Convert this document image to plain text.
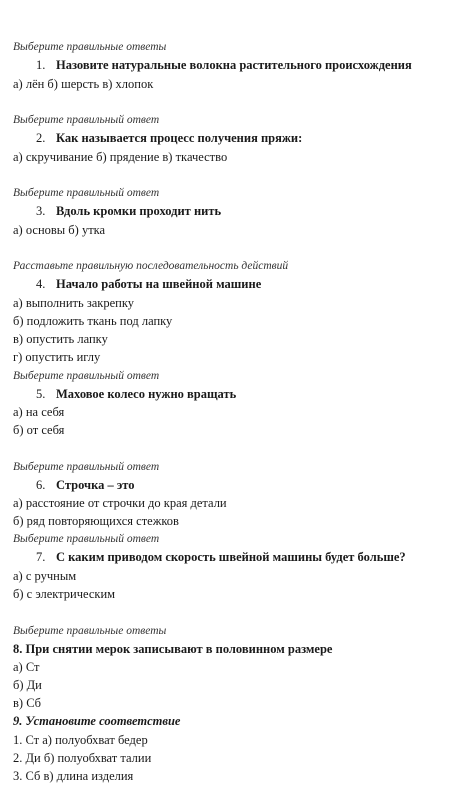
Выберите правильные ответы
1. Назовите натуральные волокна растительного происхождения
а) лён б) шерсть в) хлопок
Выберите правильный ответ
2. Как называется процесс получения пряжи:
а) скручивание б) прядение в) ткачество
Выберите правильный ответ
3. Вдоль кромки проходит нить
а) основы б) утка
Расставьте правильную последовательность действий
4. Начало работы на швейной машине
а) выполнить закрепку
б) подложить ткань под лапку
в) опустить лапку
г) опустить иглу
Выберите правильный ответ
5. Маховое колесо нужно вращать
а) на себя
б) от себя
Выберите правильный ответ
6. Строчка – это
а) расстояние от строчки до края детали
б) ряд повторяющихся стежков
Выберите правильный ответ
7. С каким приводом скорость швейной машины будет больше?
а) с ручным
б) с электрическим
Выберите правильные ответы
8. При снятии мерок записывают в половинном размере
а) Ст
б) Ди
в) Сб
9. Установите соответствие
1. Ст а) полуобхват бедер
2. Ди б) полуобхват талии
3. Сб в) длина изделия
